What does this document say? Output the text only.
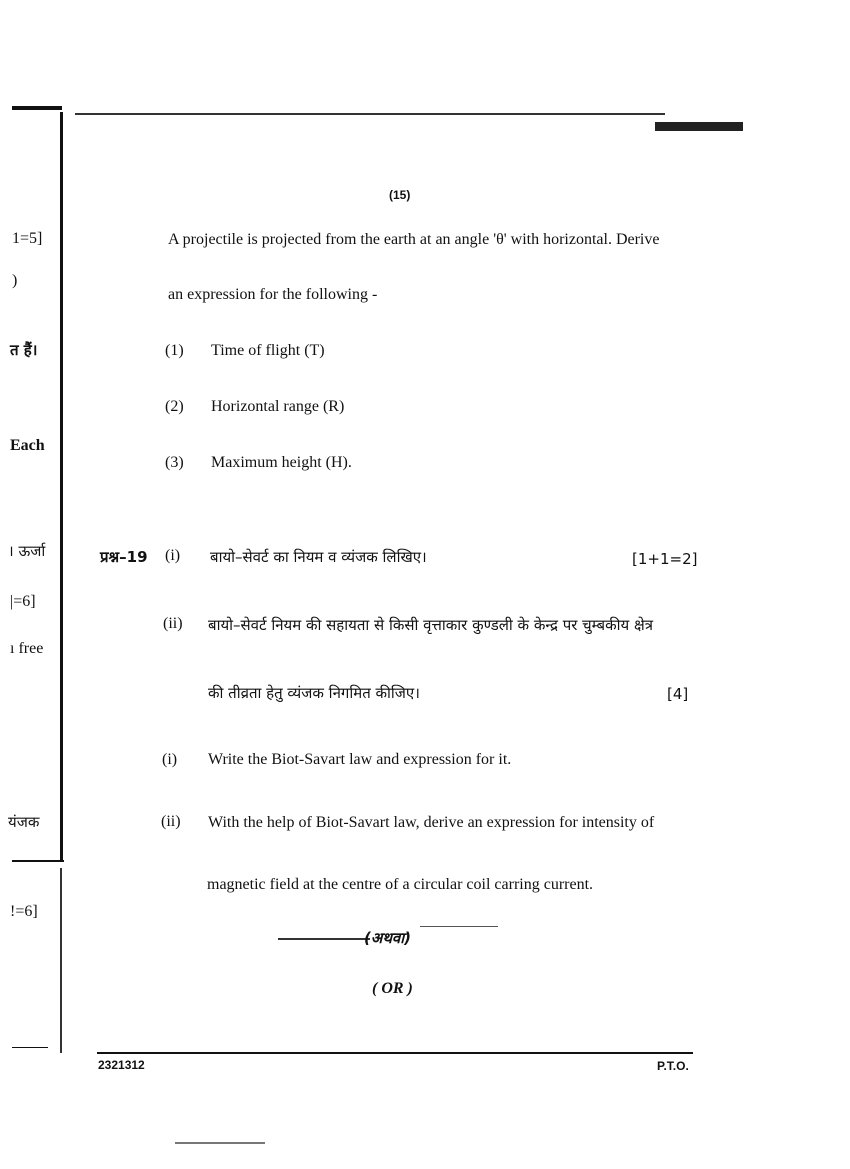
(15)
1=5]
)
त हैं।
Each
। ऊर्जा
|=6]
ı free
यंजक
!=6]
A projectile is projected from the earth at an angle 'θ' with horizontal. Derive
an expression for the following -
(1) Time of flight (T)
(2) Horizontal range (R)
(3) Maximum height (H).
प्रश्न–19 (i) बायो–सेवर्ट का नियम व व्यंजक लिखिए।	[1+1=2]
(ii) बायो–सेवर्ट नियम की सहायता से किसी वृत्ताकार कुण्डली के केन्द्र पर चुम्बकीय क्षेत्र
की तीव्रता हेतु व्यंजक निगमित कीजिए।	[4]
(i) Write the Biot-Savart law and expression for it.
(ii) With the help of Biot-Savart law, derive an expression for intensity of
magnetic field at the centre of a circular coil carring current.
(अथवा)
( OR )
2321312	P.T.O.
